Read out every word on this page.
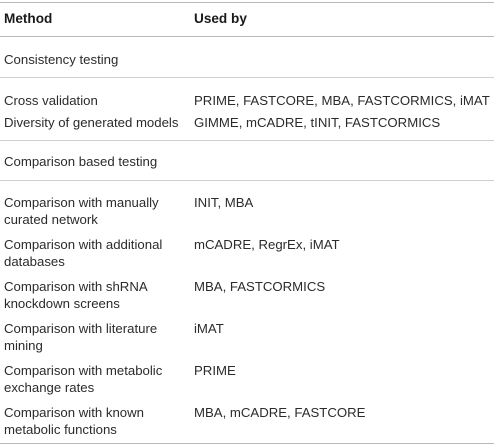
Method	Used by
Consistency testing
Cross validation	PRIME, FASTCORE, MBA, FASTCORMICS, iMAT
Diversity of generated models GIMME, mCADRE, tINIT, FASTCORMICS
Comparison based testing
Comparison with manually
curated network
INIT, MBA
Comparison with additional
databases
mCADRE, RegrEx, iMAT
Comparison with shRNA
knockdown screens
MBA, FASTCORMICS
Comparison with literature
mining
iMAT
Comparison with metabolic
exchange rates
PRIME
Comparison with known
metabolic functions
MBA, mCADRE, FASTCORE
